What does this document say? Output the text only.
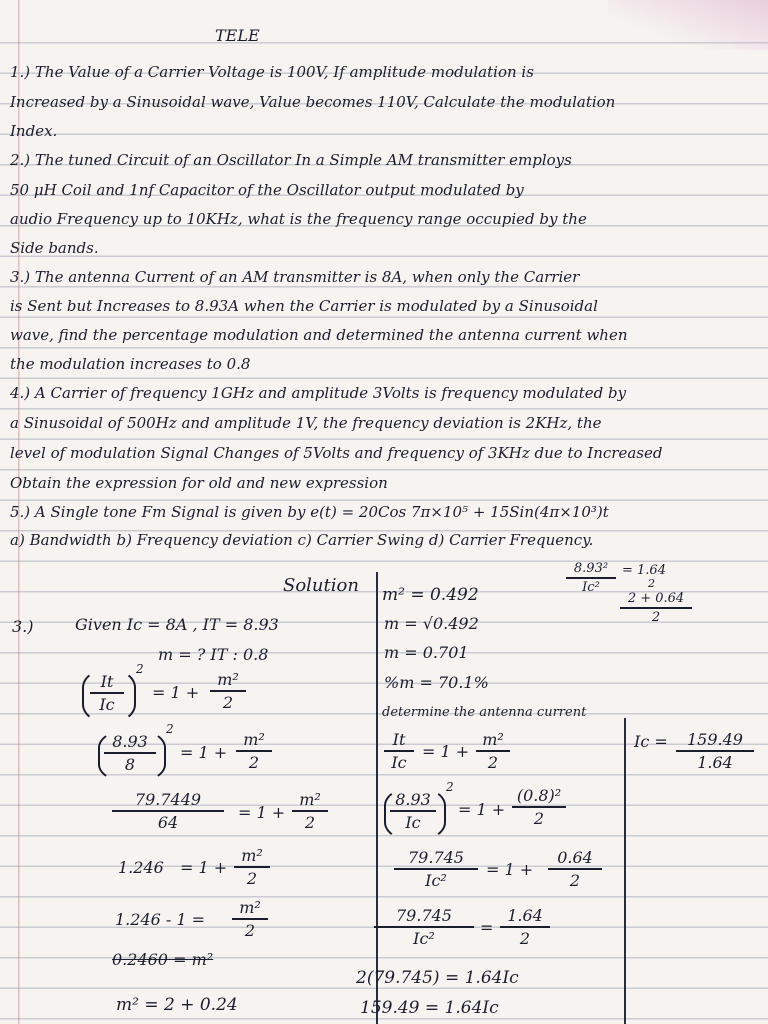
TELE
1.) The Value of a Carrier Voltage is 100V, If amplitude modulation is
Increased by a Sinusoidal wave, Value becomes 110V, Calculate the modulation
Index.
2.) The tuned Circuit of an Oscillator In a Simple AM transmitter employs
50 μH Coil and 1nf Capacitor of the Oscillator output modulated by
audio Frequency up to 10KHz, what is the frequency range occupied by the
Side bands.
3.) The antenna Current of an AM transmitter is 8A, when only the Carrier
is Sent but Increases to 8.93A when the Carrier is modulated by a Sinusoidal
wave, find the percentage modulation and determined the antenna current when
the modulation increases to 0.8
4.) A Carrier of frequency 1GHz and amplitude 3Volts is frequency modulated by
a Sinusoidal of 500Hz and amplitude 1V, the frequency deviation is 2KHz, the
level of modulation Signal Changes of 5Volts and frequency of 3KHz due to Increased
Obtain the expression for old and new expression
5.) A Single tone Fm Signal is given by e(t) = 20Cos 7π×10⁵ + 15Sin(4π×10³)t
a) Bandwidth b) Frequency deviation c) Carrier Swing d) Carrier Frequency.
Solution
3.)	Given Ic = 8A , IT = 8.93
m = ? IT : 0.8
It
Ic
2
= 1 +
m²
2
8.93
8
2
= 1 +
m²
2
79.7449
64	= 1 +
m²
2
1.246 = 1 +
m²
2
1.246 - 1 =
m²
2
0.2460 = m²
m² = 2 + 0.24
m² = 0.492
m = √0.492
m = 0.701
%m = 70.1%
determine the antenna current
It
Ic
= 1 +
m²
2
8.93
Ic
2
= 1 +
(0.8)²
2
79.745
Ic²
= 1 +
0.64
2
79.745
Ic²
=
1.64
2
2(79.745) = 1.64Ic
159.49 = 1.64Ic
8.93²
Ic²
= 1.64
2
2 + 0.64
2
Ic = 159.49
1.64
